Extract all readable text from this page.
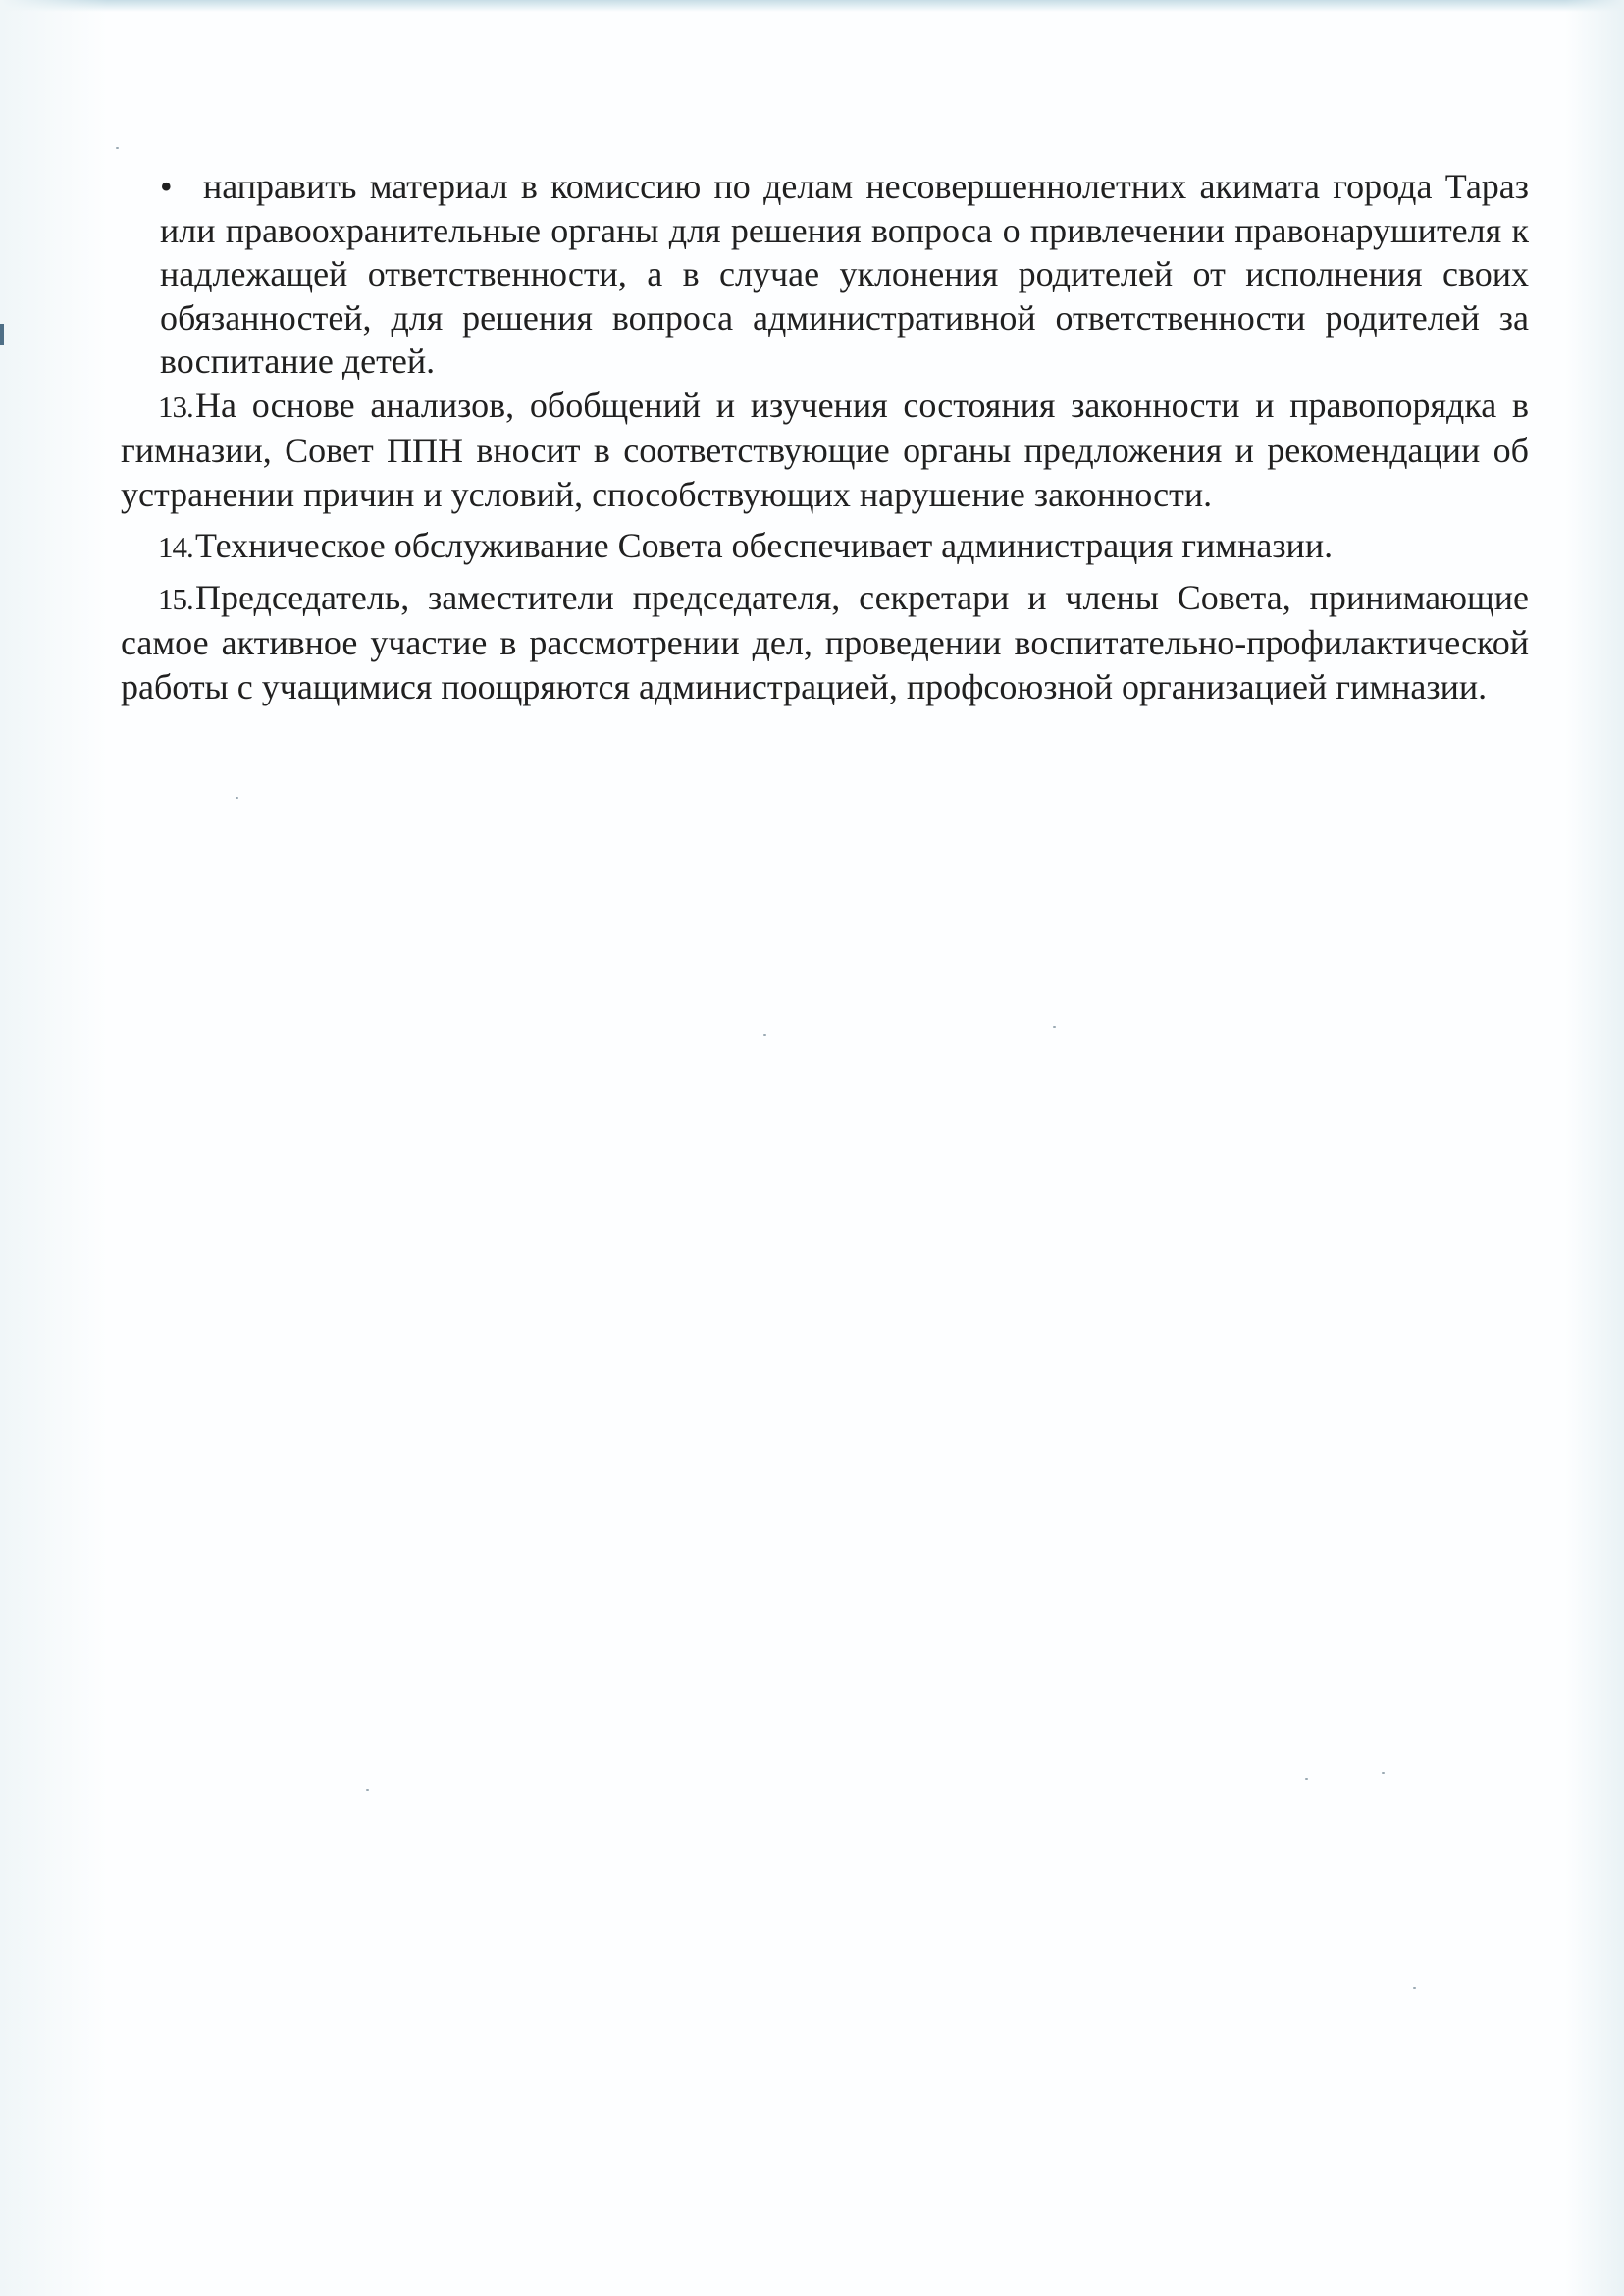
• направить материал в комиссию по делам несовершеннолетних акимата города Тараз или правоохранительные органы для решения вопроса о привлечении правонарушителя к надлежащей ответственности, а в случае уклонения родителей от исполнения своих обязанностей, для решения вопроса административной ответственности родителей за воспитание детей.

13.На основе анализов, обобщений и изучения состояния законности и правопорядка в гимназии, Совет ППН вносит в соответствующие органы предложения и рекомендации об устранении причин и условий, способствующих нарушение законности.

14.Техническое обслуживание Совета обеспечивает администрация гимназии.

15.Председатель, заместители председателя, секретари и члены Совета, принимающие самое активное участие в рассмотрении дел, проведении воспитательно-профилактической работы с учащимися поощряются администрацией, профсоюзной организацией гимназии.
